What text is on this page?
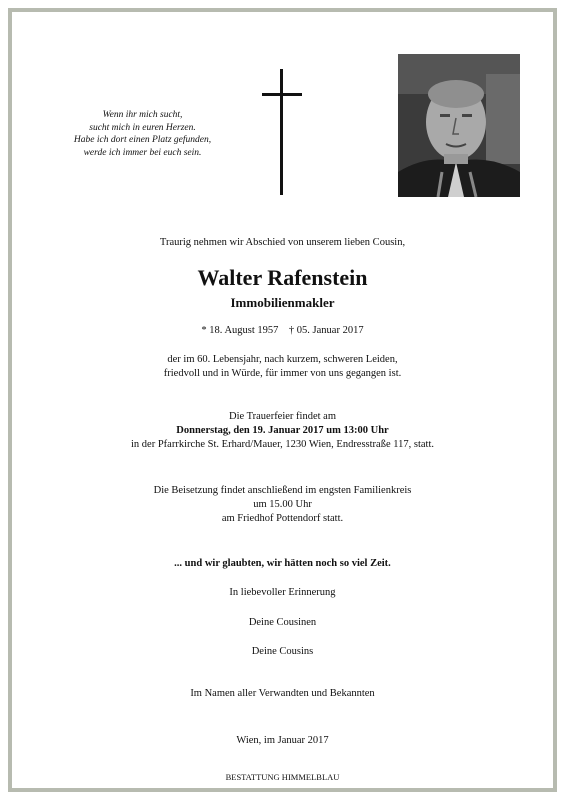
Wenn ihr mich sucht,
sucht mich in euren Herzen.
Habe ich dort einen Platz gefunden,
werde ich immer bei euch sein.
Traurig nehmen wir Abschied von unserem lieben Cousin,
Walter Rafenstein
Immobilienmakler
* 18. August 1957    † 05. Januar 2017
der im 60. Lebensjahr, nach kurzem, schweren Leiden,
friedvoll und in Würde, für immer von uns gegangen ist.
Die Trauerfeier findet am
Donnerstag, den 19. Januar 2017 um 13:00 Uhr
in der Pfarrkirche St. Erhard/Mauer, 1230 Wien, Endresstraße 117, statt.
Die Beisetzung findet anschließend im engsten Familienkreis
um 15.00 Uhr
am Friedhof Pottendorf statt.
... und wir glaubten, wir hätten noch so viel Zeit.
In liebevoller Erinnerung
Deine Cousinen
Deine Cousins
Im Namen aller Verwandten und Bekannten
Wien, im Januar 2017
BESTATTUNG HIMMELBLAU
